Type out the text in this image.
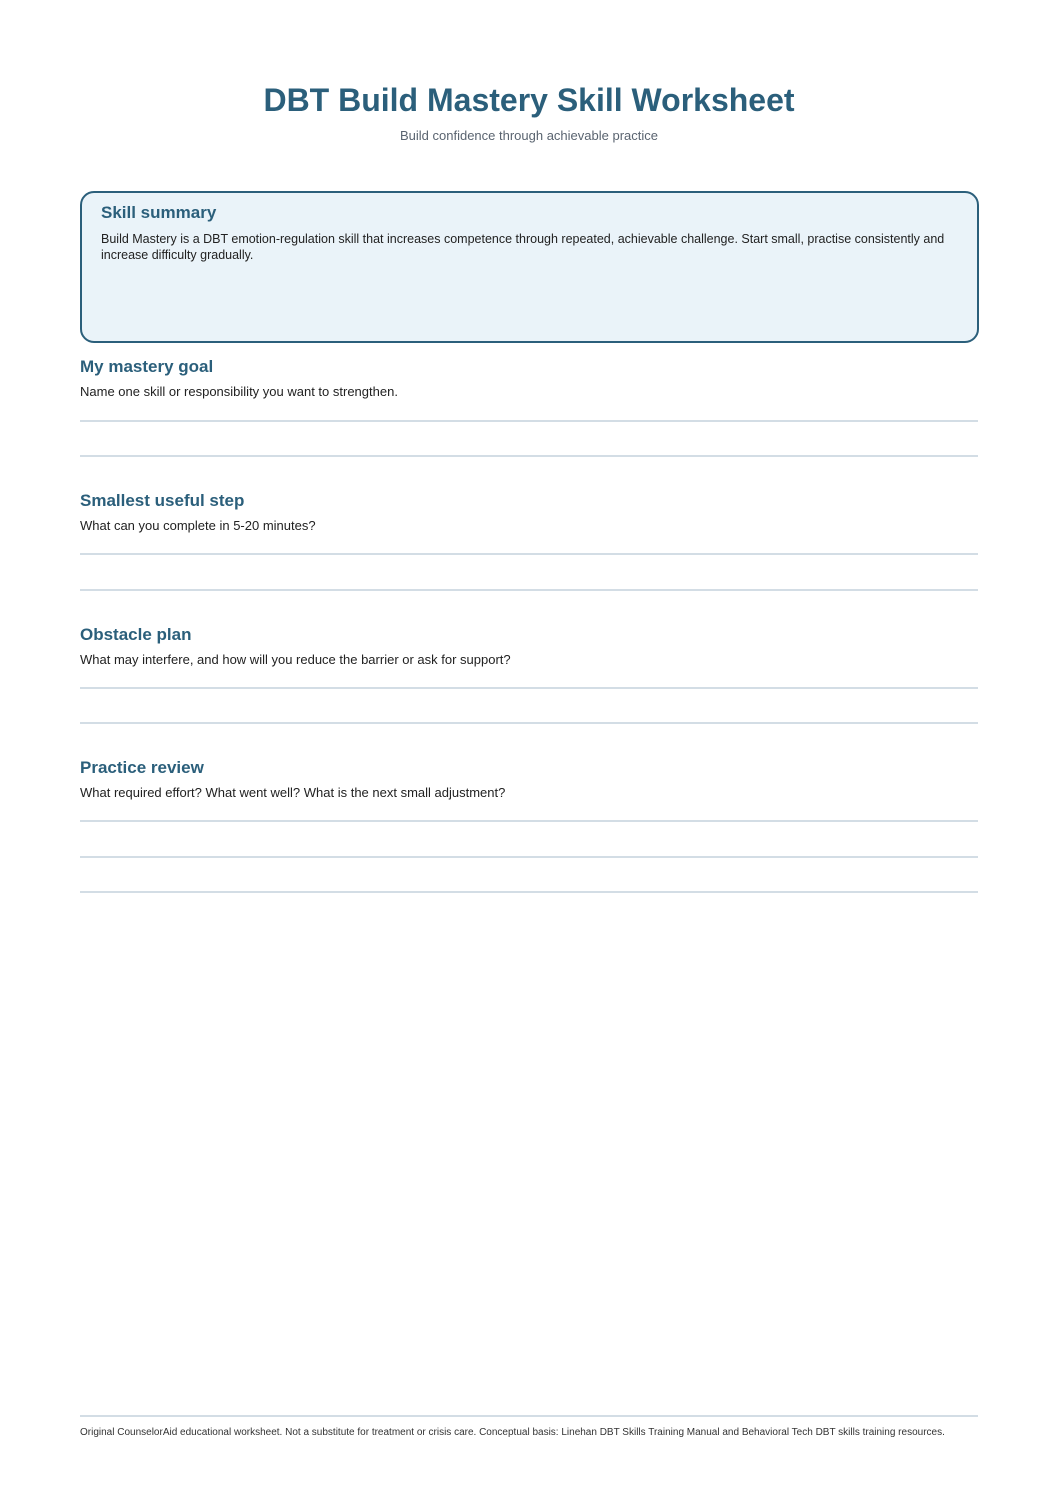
DBT Build Mastery Skill Worksheet
Build confidence through achievable practice
Skill summary
Build Mastery is a DBT emotion-regulation skill that increases competence through repeated, achievable challenge. Start small, practise consistently and increase difficulty gradually.
My mastery goal
Name one skill or responsibility you want to strengthen.
Smallest useful step
What can you complete in 5-20 minutes?
Obstacle plan
What may interfere, and how will you reduce the barrier or ask for support?
Practice review
What required effort? What went well? What is the next small adjustment?
Original CounselorAid educational worksheet. Not a substitute for treatment or crisis care. Conceptual basis: Linehan DBT Skills Training Manual and Behavioral Tech DBT skills training resources.
